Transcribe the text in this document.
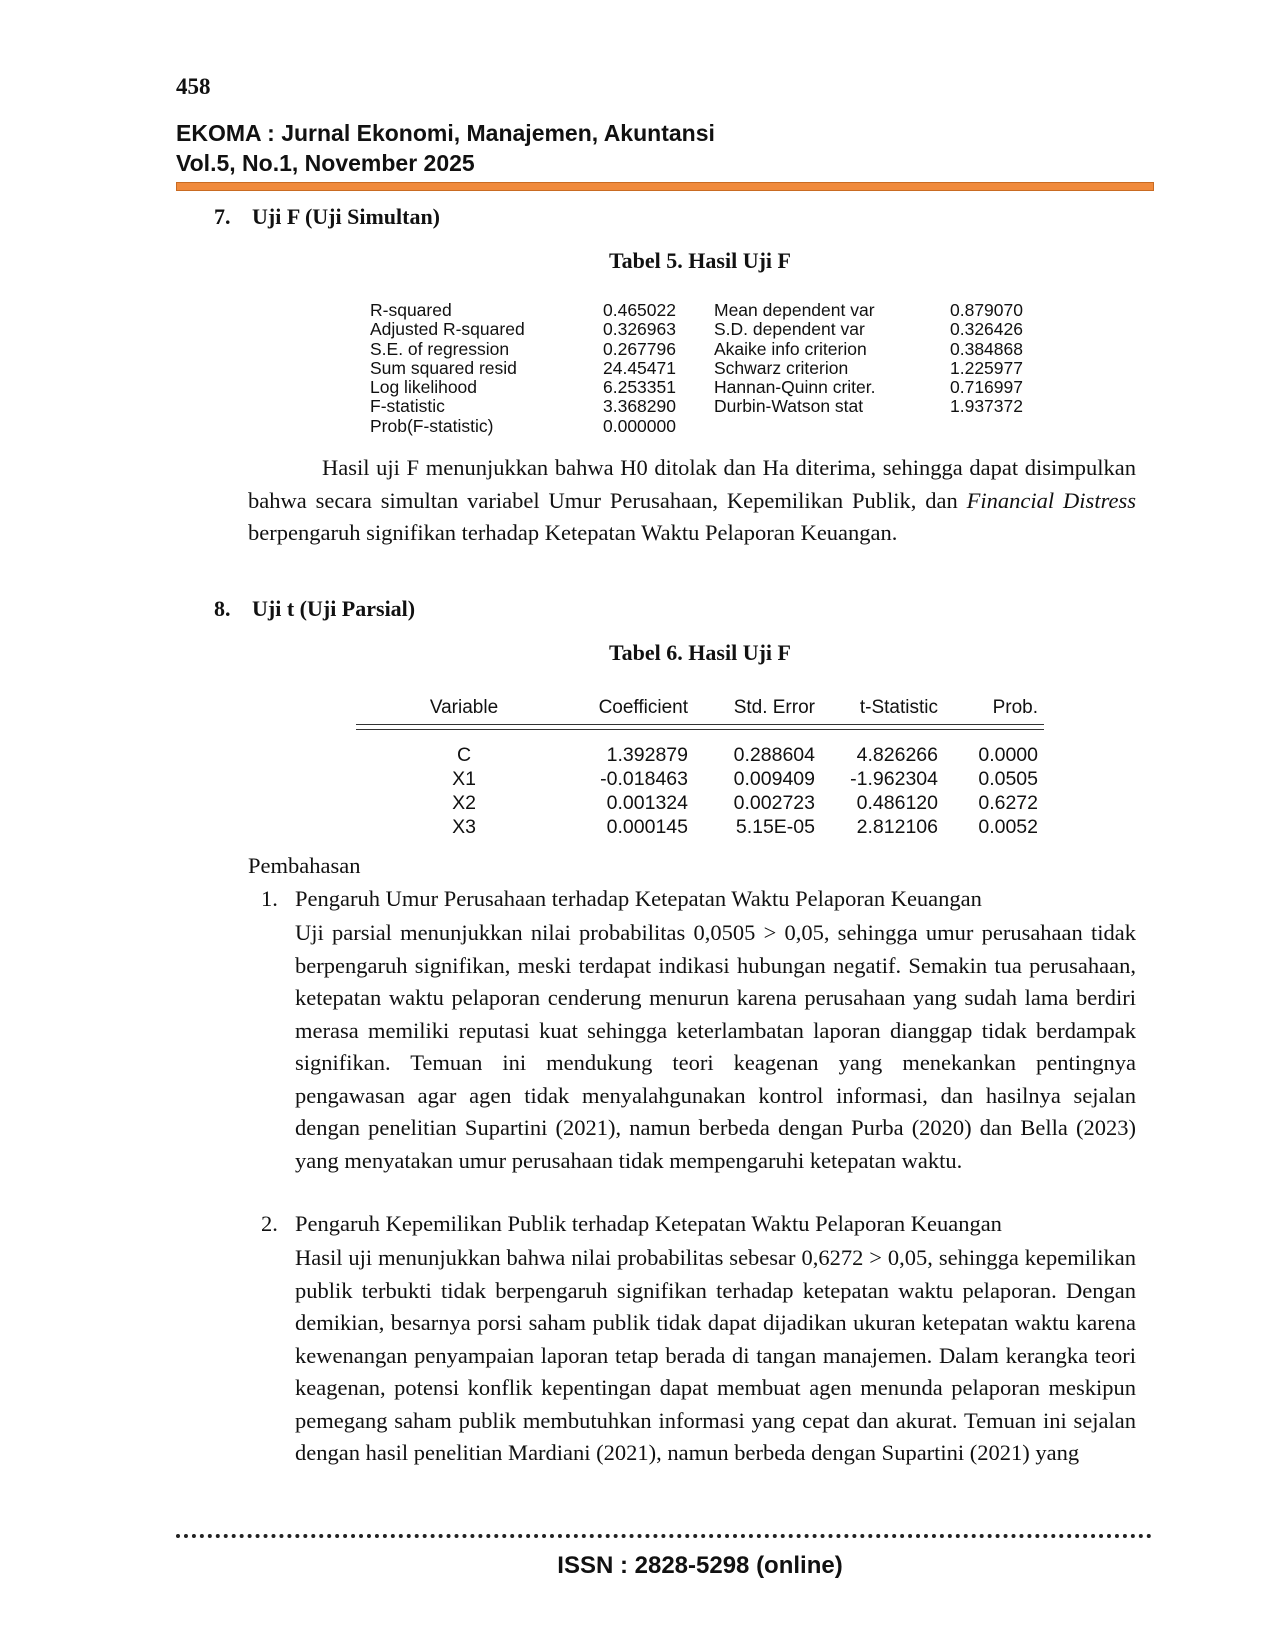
458
EKOMA : Jurnal Ekonomi, Manajemen, Akuntansi
Vol.5, No.1, November 2025
7. Uji F (Uji Simultan)
Tabel 5. Hasil Uji F
R-squared	0.465022 Mean dependent var	0.879070
Adjusted R-squared	0.326963 S.D. dependent var	0.326426
S.E. of regression	0.267796 Akaike info criterion	0.384868
Sum squared resid	24.45471 Schwarz criterion	1.225977
Log likelihood	6.253351 Hannan-Quinn criter.	0.716997
F-statistic	3.368290 Durbin-Watson stat	1.937372
Prob(F-statistic)	0.000000

Hasil uji F menunjukkan bahwa H0 ditolak dan Ha diterima, sehingga dapat disimpulkan bahwa secara simultan variabel Umur Perusahaan, Kepemilikan Publik, dan Financial Distress berpengaruh signifikan terhadap Ketepatan Waktu Pelaporan Keuangan.

8. Uji t (Uji Parsial)
Tabel 6. Hasil Uji F
Variable	Coefficient	Std. Error	t-Statistic	Prob.
C	1.392879	0.288604	4.826266	0.0000
X1	-0.018463	0.009409	-1.962304	0.0505
X2	0.001324	0.002723	0.486120	0.6272
X3	0.000145	5.15E-05	2.812106	0.0052
Pembahasan
1. Pengaruh Umur Perusahaan terhadap Ketepatan Waktu Pelaporan Keuangan

Uji parsial menunjukkan nilai probabilitas 0,0505 > 0,05, sehingga umur perusahaan tidak berpengaruh signifikan, meski terdapat indikasi hubungan negatif. Semakin tua perusahaan, ketepatan waktu pelaporan cenderung menurun karena perusahaan yang sudah lama berdiri merasa memiliki reputasi kuat sehingga keterlambatan laporan dianggap tidak berdampak signifikan. Temuan ini mendukung teori keagenan yang menekankan pentingnya pengawasan agar agen tidak menyalahgunakan kontrol informasi, dan hasilnya sejalan dengan penelitian Supartini (2021), namun berbeda dengan Purba (2020) dan Bella (2023) yang menyatakan umur perusahaan tidak mempengaruhi ketepatan waktu.

2. Pengaruh Kepemilikan Publik terhadap Ketepatan Waktu Pelaporan Keuangan

Hasil uji menunjukkan bahwa nilai probabilitas sebesar 0,6272 > 0,05, sehingga kepemilikan publik terbukti tidak berpengaruh signifikan terhadap ketepatan waktu pelaporan. Dengan demikian, besarnya porsi saham publik tidak dapat dijadikan ukuran ketepatan waktu karena kewenangan penyampaian laporan tetap berada di tangan manajemen. Dalam kerangka teori keagenan, potensi konflik kepentingan dapat membuat agen menunda pelaporan meskipun pemegang saham publik membutuhkan informasi yang cepat dan akurat. Temuan ini sejalan dengan hasil penelitian Mardiani (2021), namun berbeda dengan Supartini (2021) yang

ISSN : 2828-5298 (online)
